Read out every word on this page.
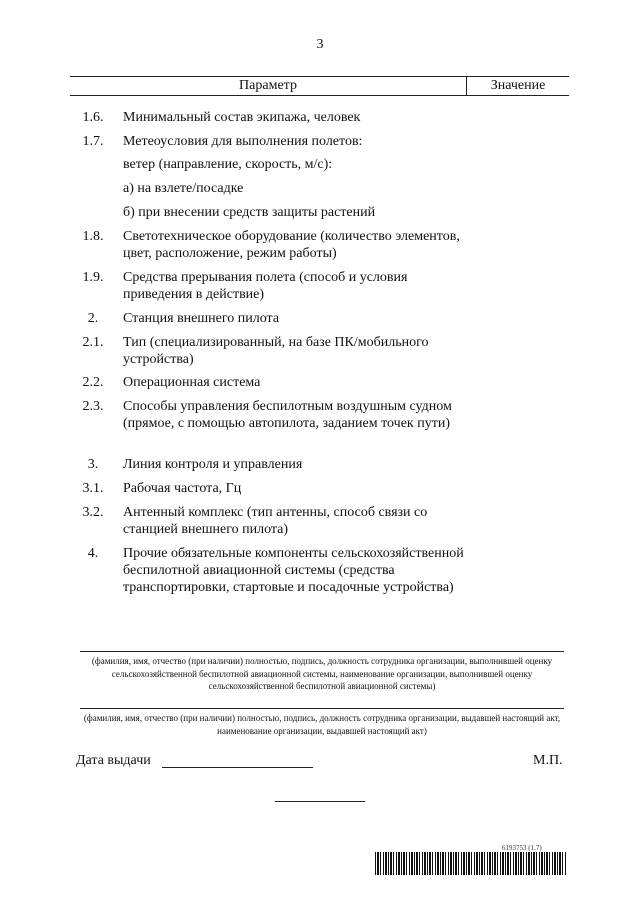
3
Параметр	Значение
1.6.	Минимальный состав экипажа, человек
1.7.	Метеоусловия для выполнения полетов:
ветер (направление, скорость, м/с):
а) на взлете/посадке
б) при внесении средств защиты растений
1.8.	Светотехническое оборудование (количество элементов, цвет, расположение, режим работы)
1.9.	Средства прерывания полета (способ и условия приведения в действие)
2.	Станция внешнего пилота
2.1.	Тип (специализированный, на базе ПК/мобильного устройства)
2.2.	Операционная система
2.3.	Способы управления беспилотным воздушным судном (прямое, с помощью автопилота, заданием точек пути)
3.	Линия контроля и управления
3.1.	Рабочая частота, Гц
3.2.	Антенный комплекс (тип антенны, способ связи со станцией внешнего пилота)
4.	Прочие обязательные компоненты сельскохозяйственной беспилотной авиационной системы (средства транспортировки, стартовые и посадочные устройства)
(фамилия, имя, отчество (при наличии) полностью, подпись, должность сотрудника организации, выполнившей оценку сельскохозяйственной беспилотной авиационной системы, наименование организации, выполнившей оценку сельскохозяйственной беспилотной авиационной системы)
(фамилия, имя, отчество (при наличии) полностью, подпись, должность сотрудника организации, выдавшей настоящий акт, наименование организации, выдавшей настоящий акт)
Дата выдачи	М.П.
6193753 (1.7)
